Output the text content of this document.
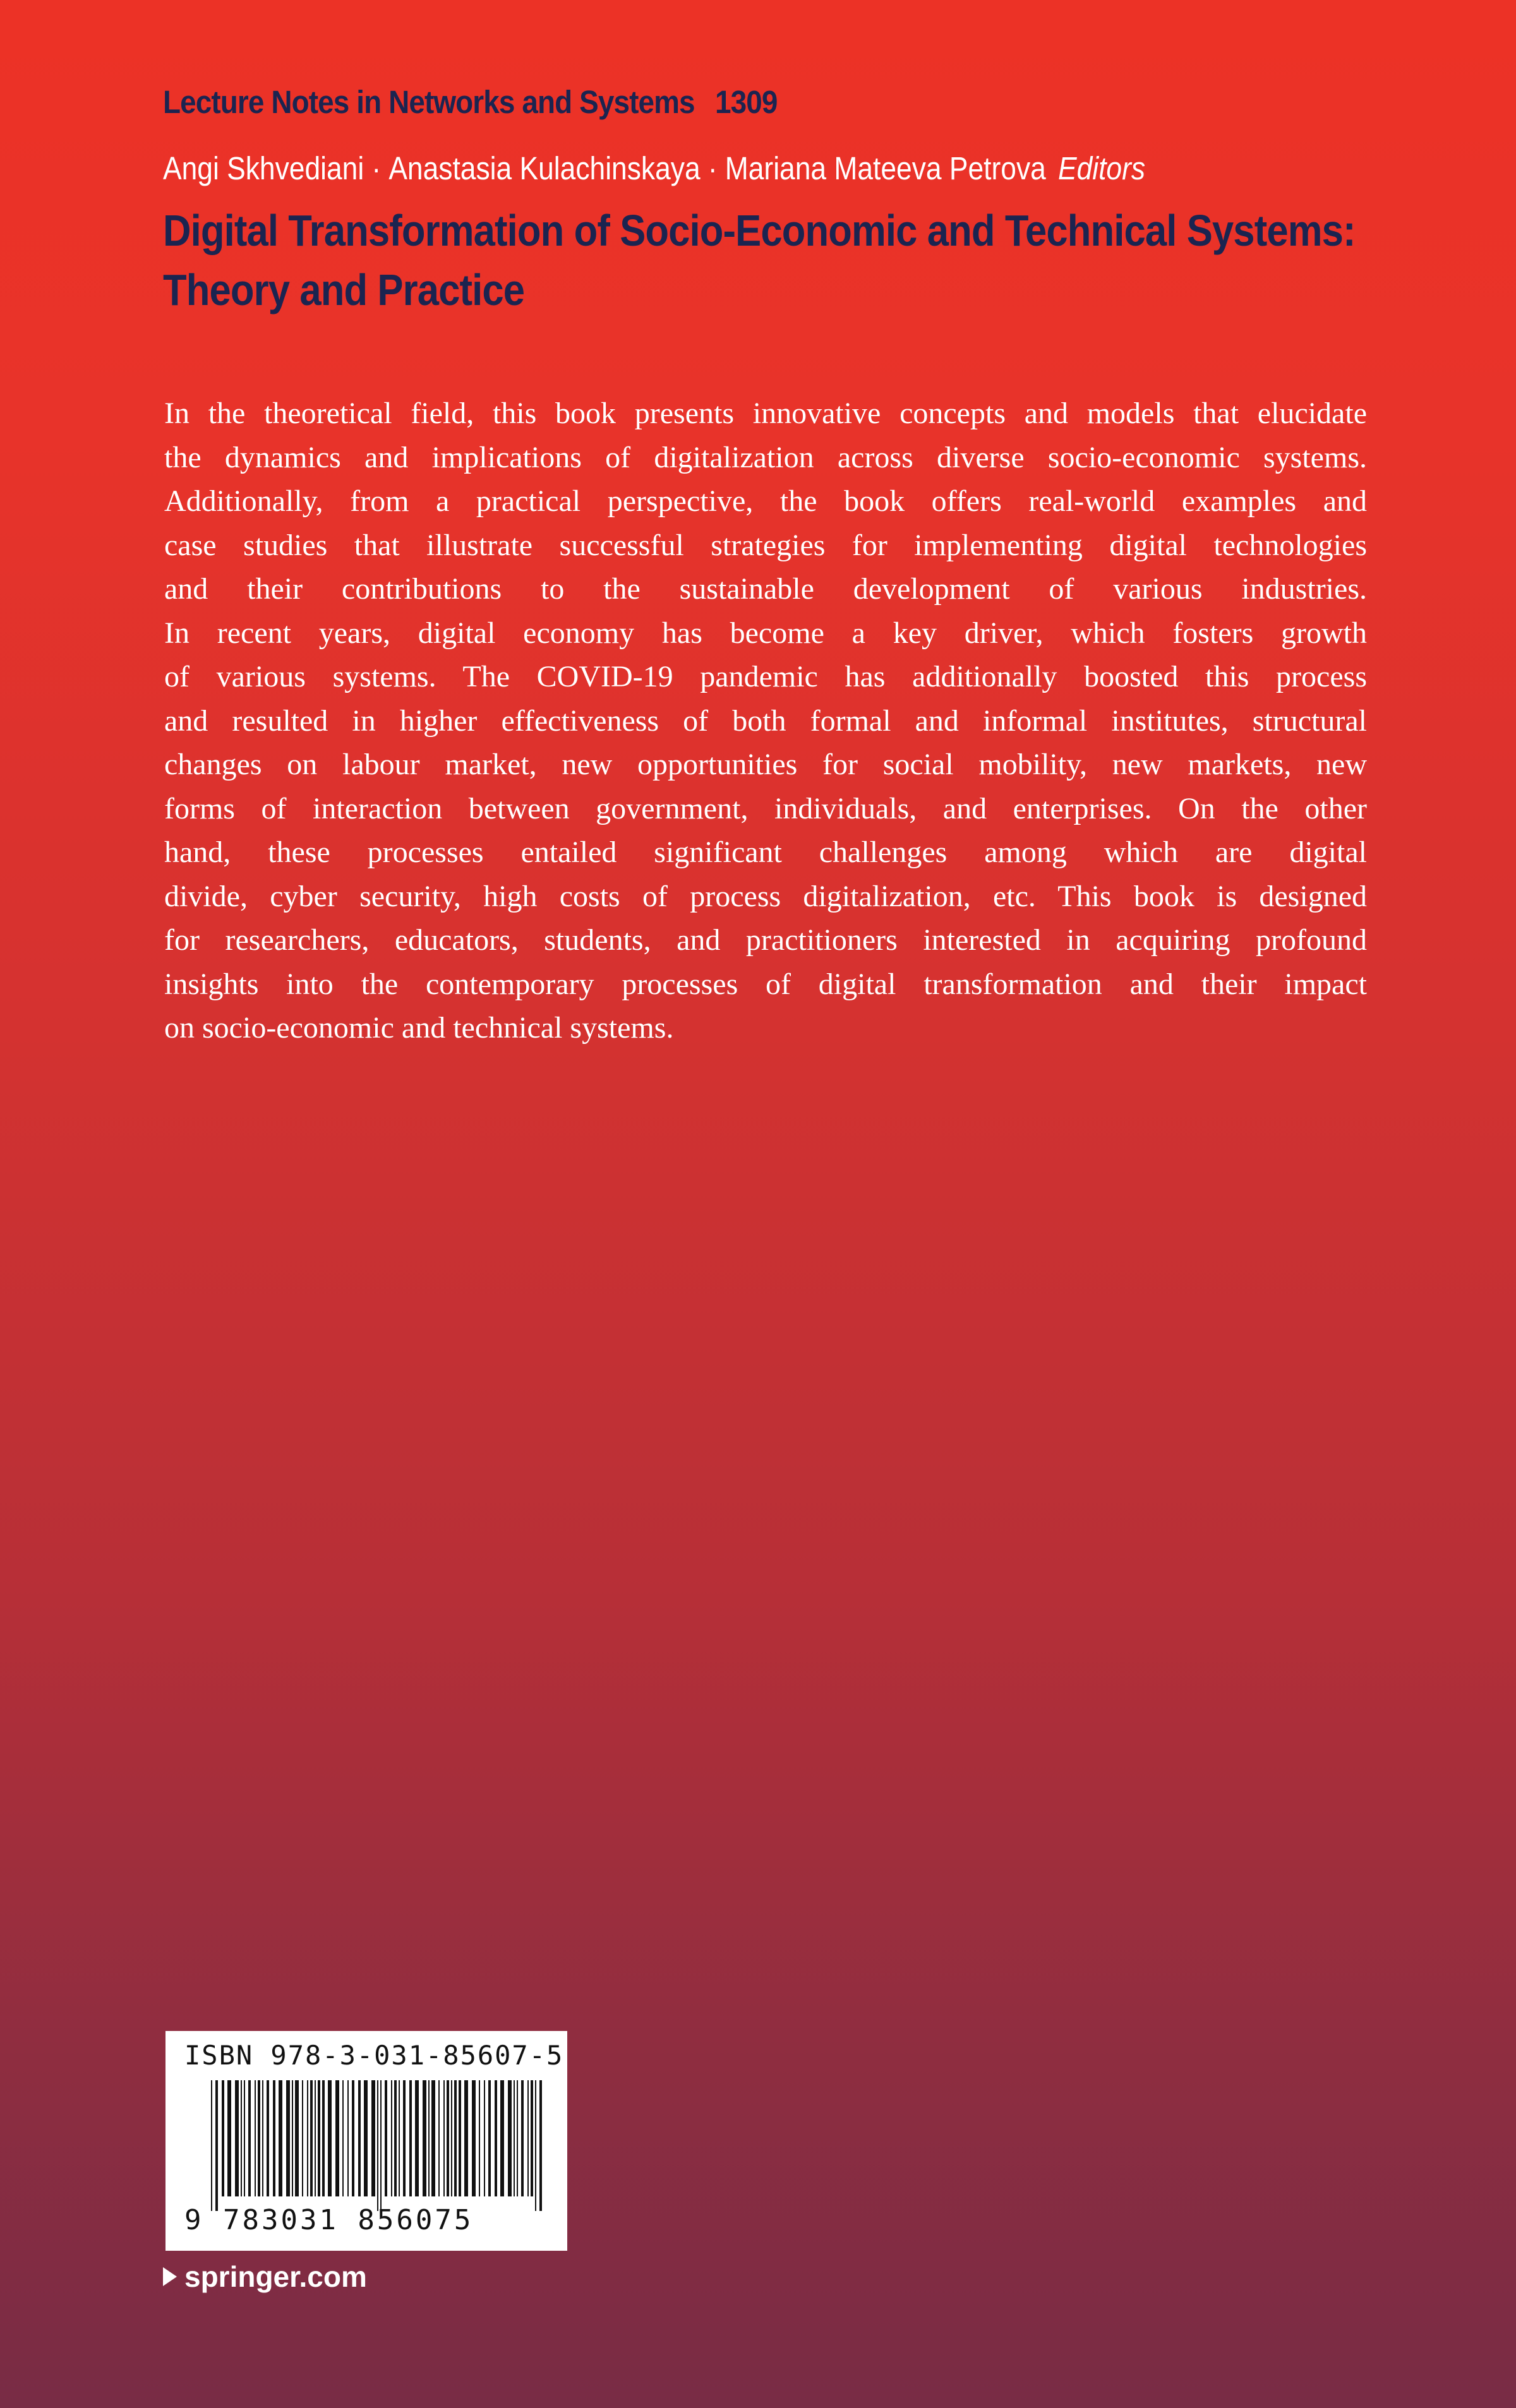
Lecture Notes in Networks and Systems 1309
Angi Skhvediani · Anastasia Kulachinskaya · Mariana Mateeva Petrova Editors
Digital Transformation of Socio-Economic and Technical Systems:
Theory and Practice
In the theoretical field, this book presents innovative concepts and models that elucidate
the dynamics and implications of digitalization across diverse socio-economic systems.
Additionally, from a practical perspective, the book offers real-world examples and
case studies that illustrate successful strategies for implementing digital technologies
and their contributions to the sustainable development of various industries.
In recent years, digital economy has become a key driver, which fosters growth
of various systems. The COVID-19 pandemic has additionally boosted this process
and resulted in higher effectiveness of both formal and informal institutes, structural
changes on labour market, new opportunities for social mobility, new markets, new
forms of interaction between government, individuals, and enterprises. On the other
hand, these processes entailed significant challenges among which are digital
divide, cyber security, high costs of process digitalization, etc. This book is designed
for researchers, educators, students, and practitioners interested in acquiring profound
insights into the contemporary processes of digital transformation and their impact
on socio-economic and technical systems.
ISBN 978-3-031-85607-5
9 783031 856075
springer.com
